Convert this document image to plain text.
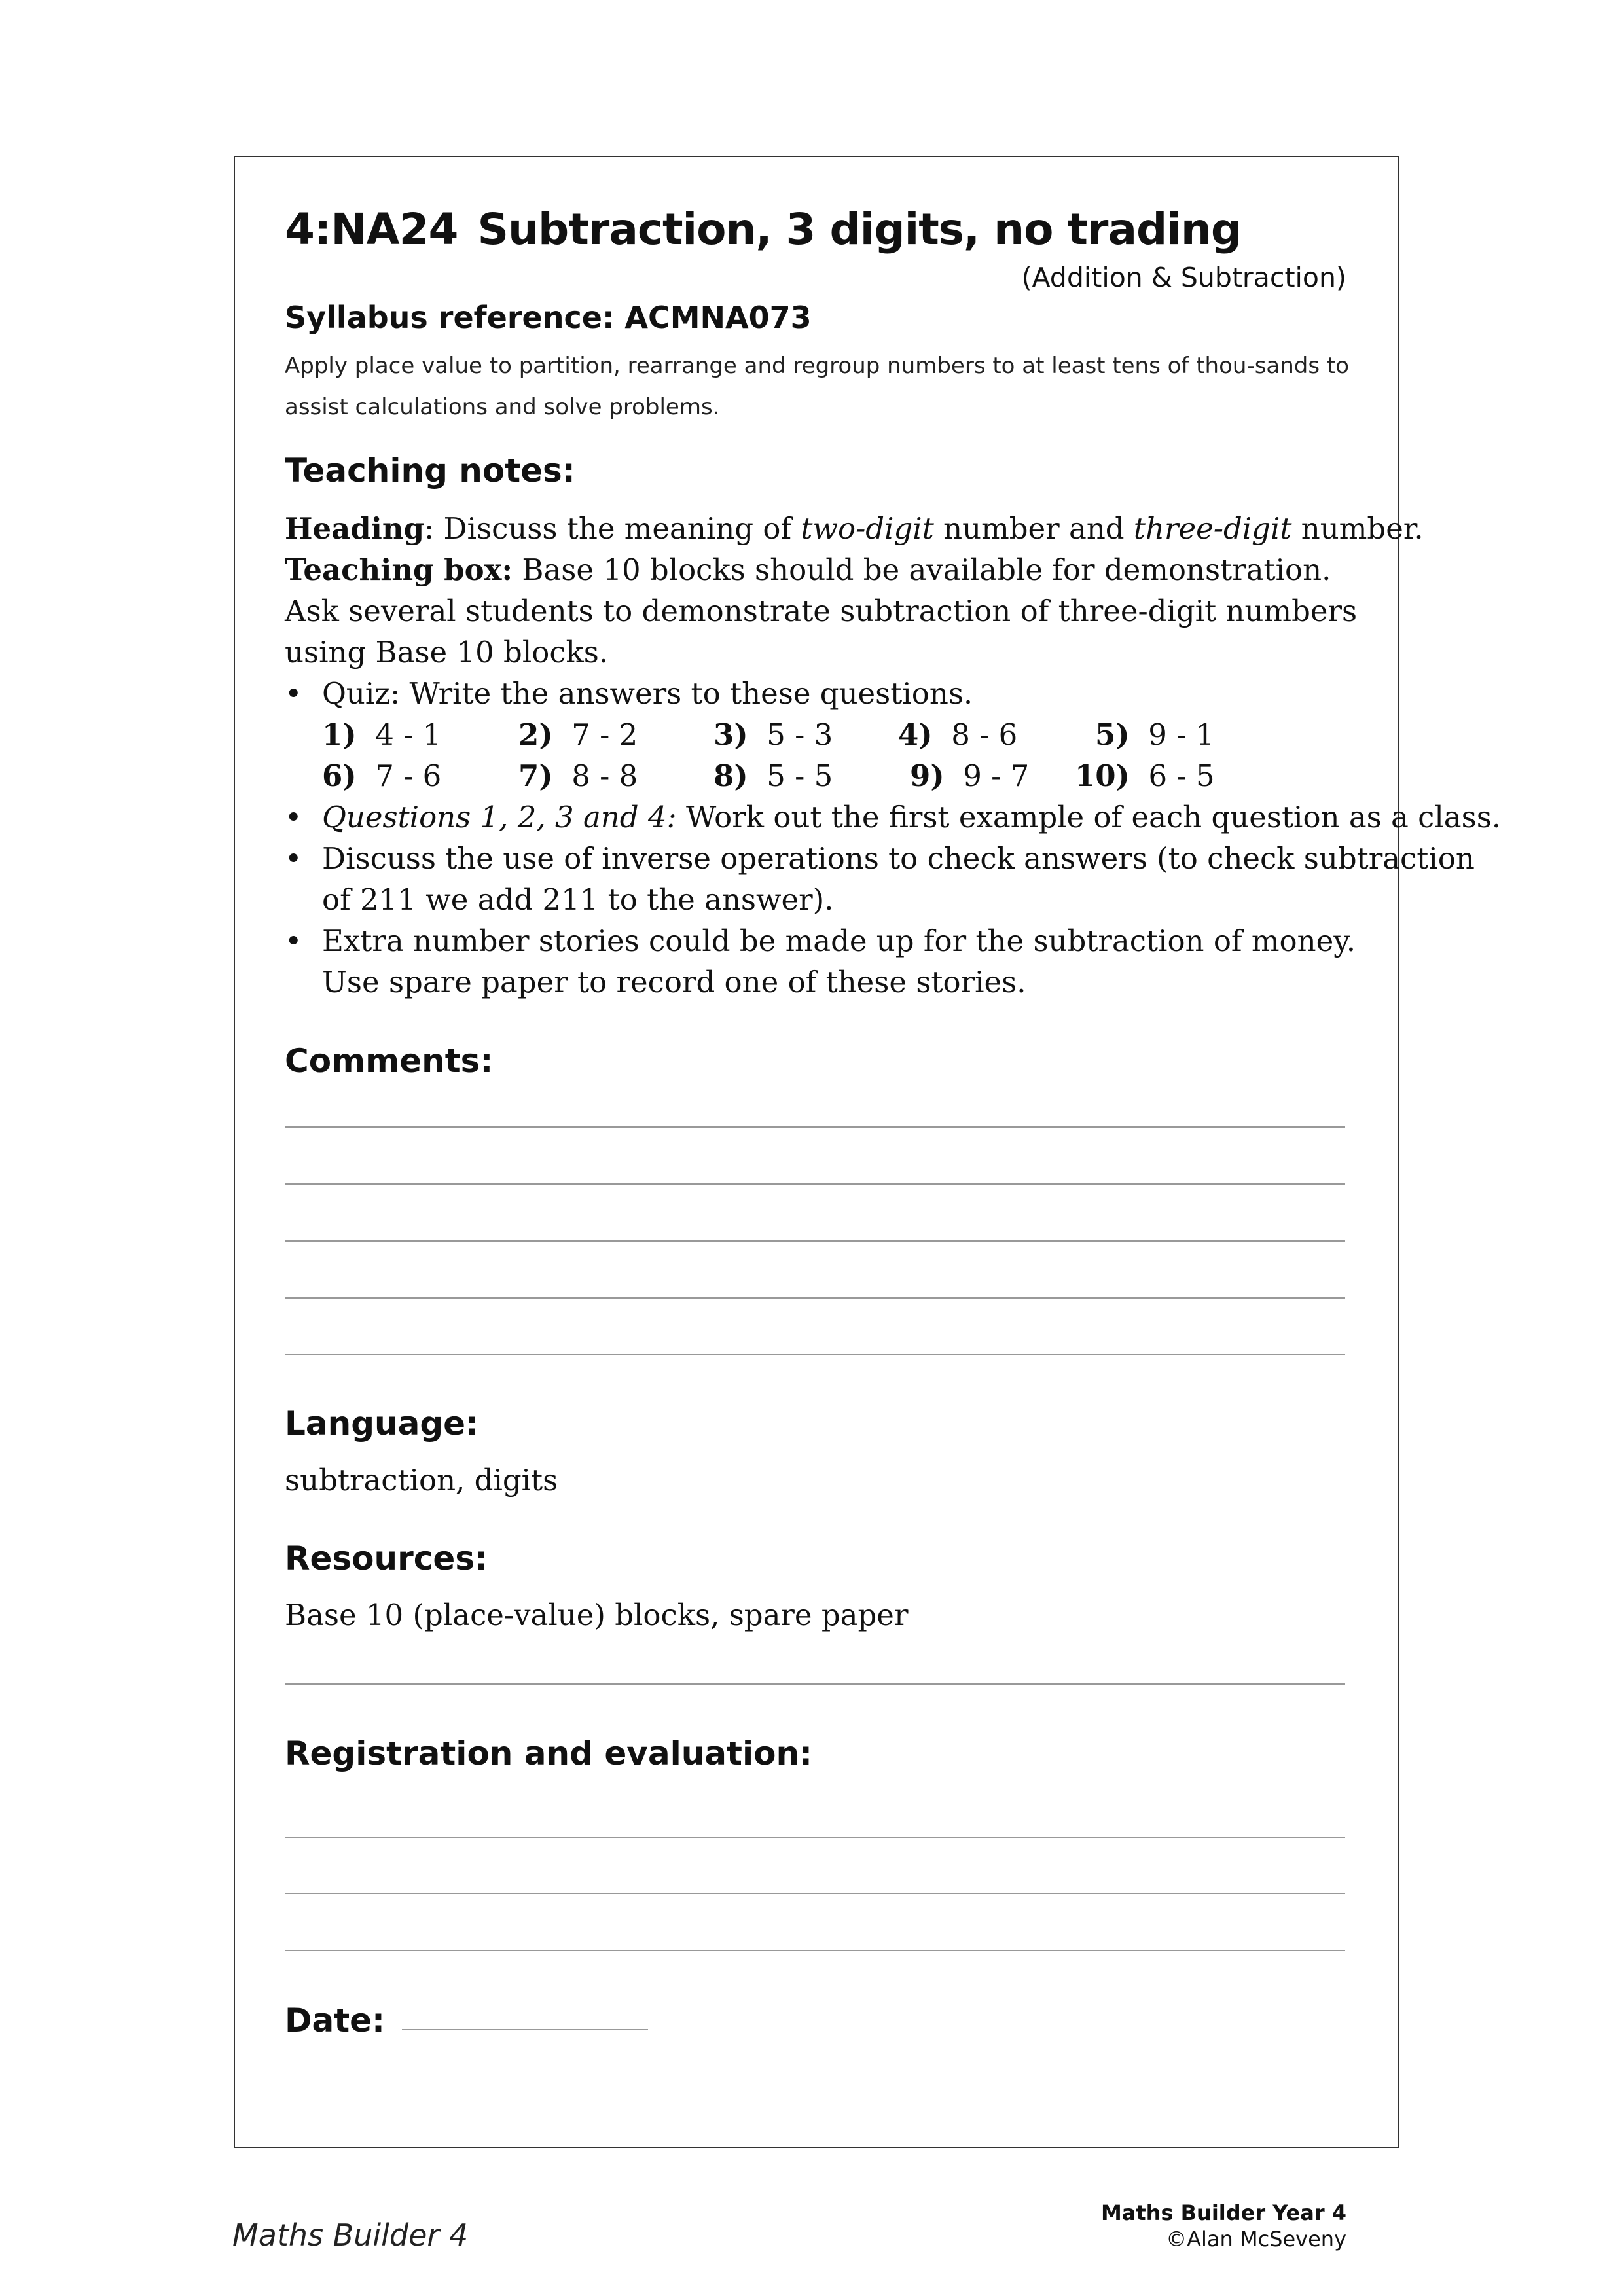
4:NA24 Subtraction, 3 digits, no trading
(Addition & Subtraction)
Syllabus reference: ACMNA073
Apply place value to partition, rearrange and regroup numbers to at least tens of thou-sands to assist calculations and solve problems.
Teaching notes:

Heading: Discuss the meaning of two-digit number and three-digit number.

Teaching box: Base 10 blocks should be available for demonstration.

Ask several students to demonstrate subtraction of three-digit numbers

using Base 10 blocks.

• Quiz: Write the answers to these questions.

1) 4 - 1	2) 7 - 2	3) 5 - 3 4) 8 - 6	5) 9 - 1
6) 7 - 6	7) 8 - 8	8) 5 - 5	9) 9 - 7 10) 6 - 5

• Questions 1, 2, 3 and 4: Work out the first example of each question as a class.

• Discuss the use of inverse operations to check answers (to check subtraction

of 211 we add 211 to the answer).

• Extra number stories could be made up for the subtraction of money.

Use spare paper to record one of these stories.

Comments:
Language:
subtraction, digits
Resources:
Base 10 (place-value) blocks, spare paper
Registration and evaluation:
Date:
Maths Builder 4
Maths Builder Year 4
©Alan McSeveny
